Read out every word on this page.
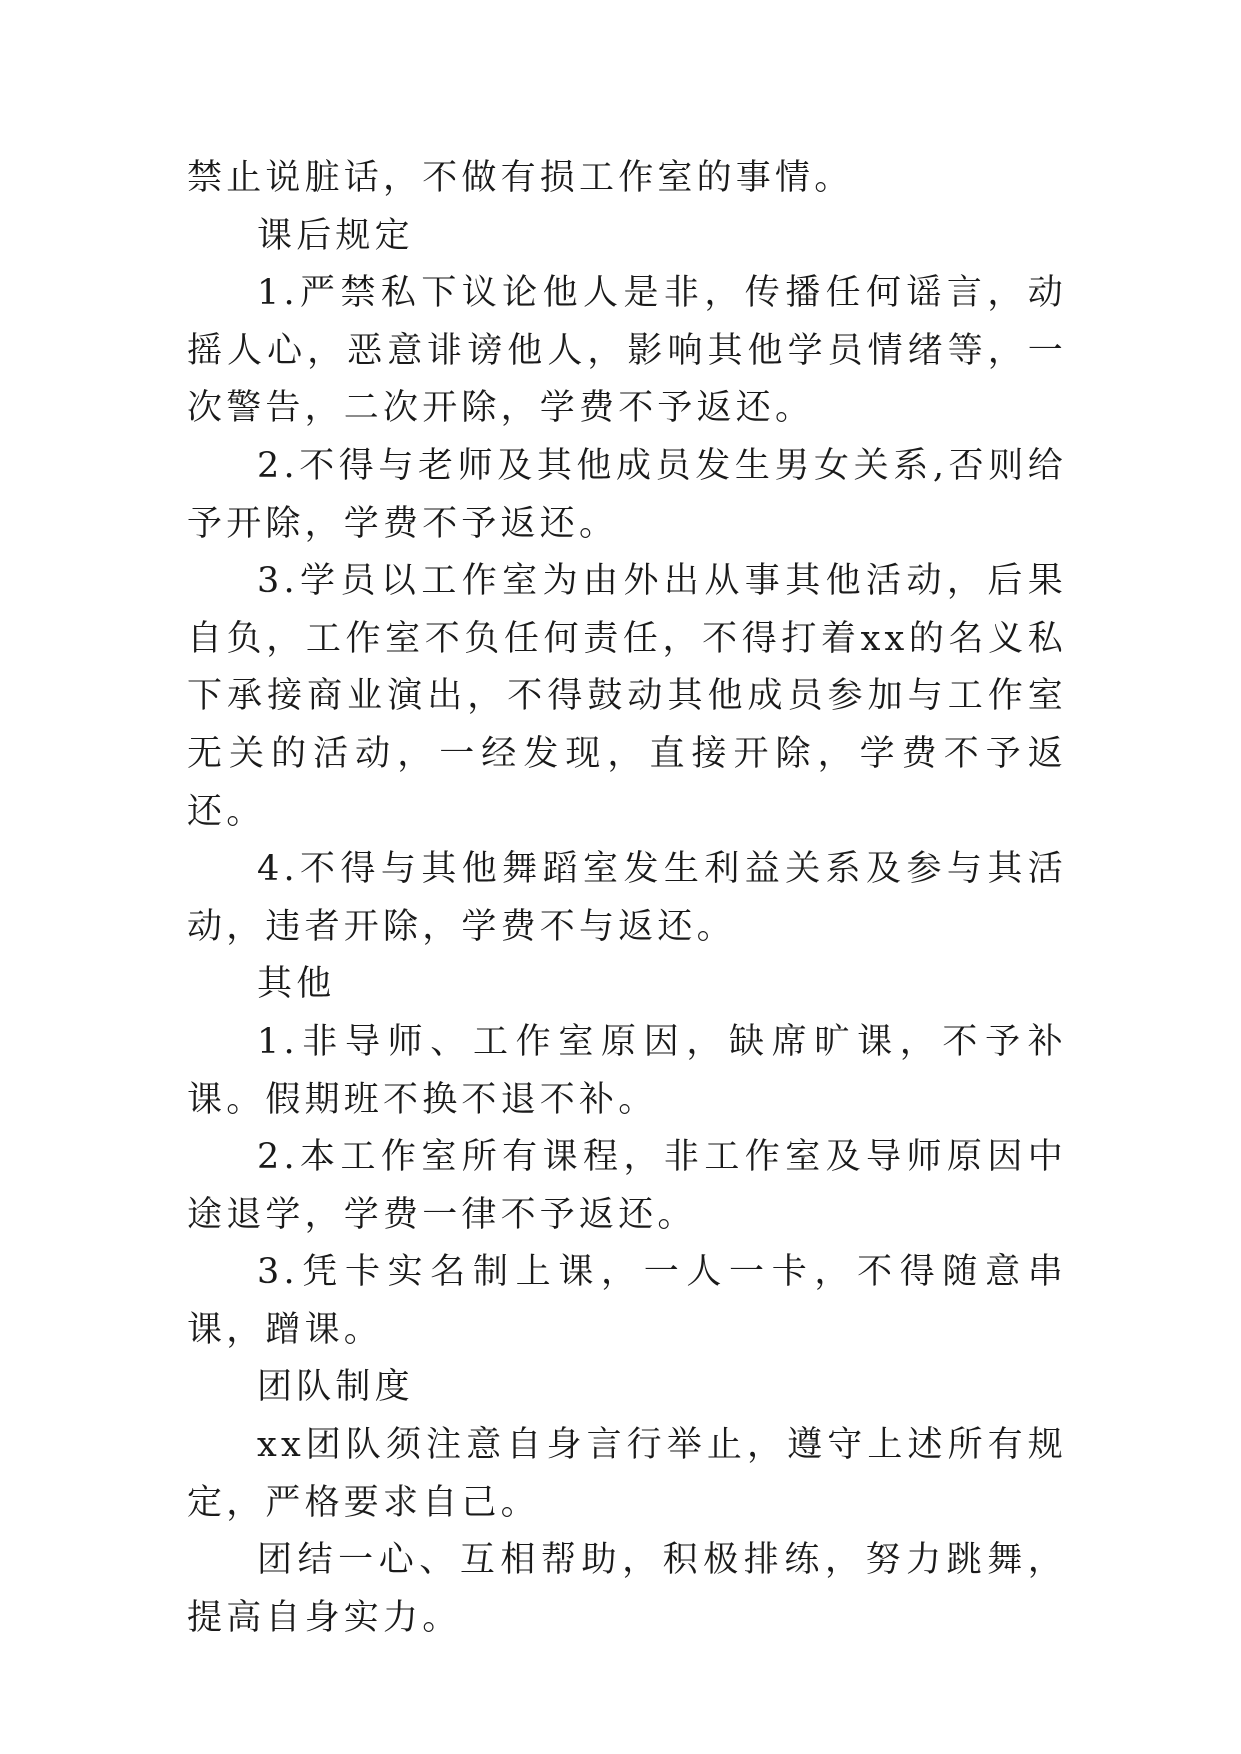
禁止说脏话，不做有损工作室的事情。

课后规定

1.严禁私下议论他人是非，传播任何谣言，动摇人心，恶意诽谤他人，影响其他学员情绪等，一次警告，二次开除，学费不予返还。

2.不得与老师及其他成员发生男女关系,否则给予开除，学费不予返还。

3.学员以工作室为由外出从事其他活动，后果自负，工作室不负任何责任，不得打着xx的名义私下承接商业演出，不得鼓动其他成员参加与工作室无关的活动，一经发现，直接开除，学费不予返还。

4.不得与其他舞蹈室发生利益关系及参与其活动，违者开除，学费不与返还。

其他

1.非导师、工作室原因，缺席旷课，不予补课。假期班不换不退不补。

2.本工作室所有课程，非工作室及导师原因中途退学，学费一律不予返还。

3.凭卡实名制上课，一人一卡，不得随意串课，蹭课。

团队制度

xx团队须注意自身言行举止，遵守上述所有规定，严格要求自己。

团结一心、互相帮助，积极排练，努力跳舞，提高自身实力。
